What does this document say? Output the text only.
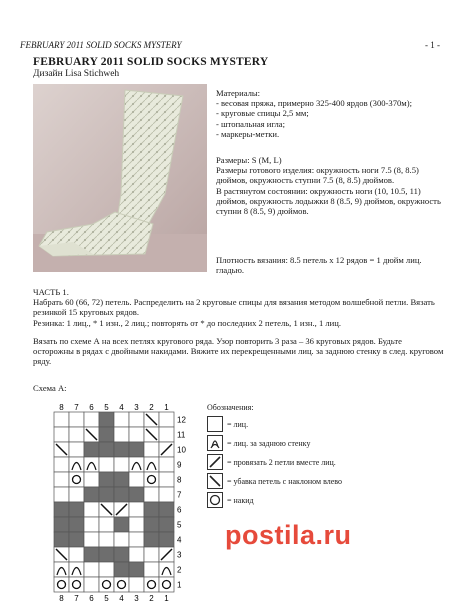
FEBRUARY 2011 SOLID SOCKS MYSTERY	- 1 -
FEBRUARY 2011 SOLID SOCKS MYSTERY
Дизайн Lisa Stichweh

Материалы:

- весовая пряжа, примерно 325-400 ярдов (300-370м);

- круговые спицы 2,5 мм;

- штопальная игла;

- маркеры-метки.

Размеры: S (M, L)

Размеры готового изделия: окружность ноги 7.5 (8, 8.5) дюймов, окружность ступни 7.5 (8, 8.5) дюймов.

В растянутом состоянии: окружность ноги (10, 10.5, 11) дюймов, окружность лодыжки 8 (8.5, 9) дюймов, окружность ступни 8 (8.5, 9) дюймов.

Плотность вязания: 8.5 петель x 12 рядов = 1 дюйм лиц. гладью.

ЧАСТЬ 1.

Набрать 60 (66, 72) петель. Распределить на 2 круговые спицы для вязания методом волшебной петли. Вязать резинкой 15 круговых рядов.

Резинка: 1 лиц., * 1 изн., 2 лиц.; повторять от * до последних 2 петель, 1 изн., 1 лиц.

Вязать по схеме А на всех петлях кругового ряда. Узор повторить 3 раза – 36 круговых рядов. Будьте осторожны в рядах с двойными накидами. Вяжите их перекрещенными лиц. за заднюю стенку в след. круговом ряду.
Схема А:
8
8
7
7
6
6
5
5
4
4
3
3
2
2
1
1
12
11
10
9
8
7
6
5
4
3
2
1
Обозначения:
= лиц.
= лиц. за заднюю стенку
= провязать 2 петли вместе лиц.
= убавка петель с наклоном влево
= накид
postila.ru
